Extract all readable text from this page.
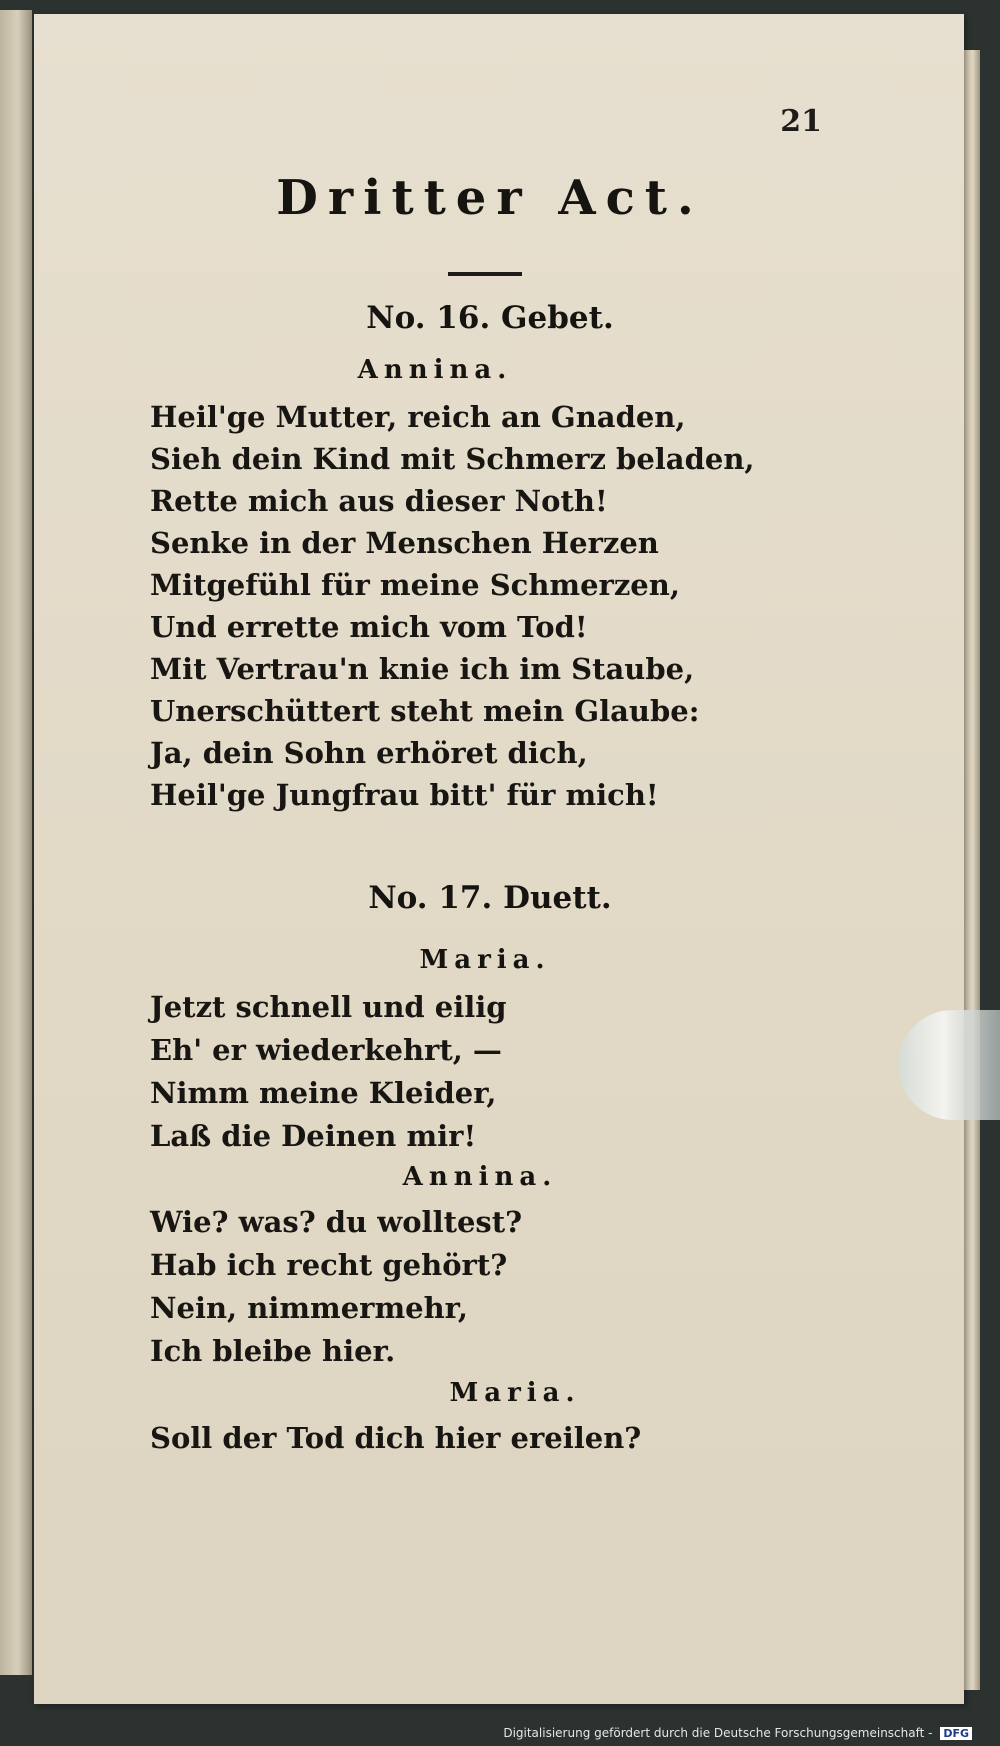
21
Dritter Act.
No. 16. Gebet.
Annina.
Heil'ge Mutter, reich an Gnaden,
Sieh dein Kind mit Schmerz beladen,
Rette mich aus dieser Noth!
Senke in der Menschen Herzen
Mitgefühl für meine Schmerzen,
Und errette mich vom Tod!
Mit Vertrau'n knie ich im Staube,
Unerschüttert steht mein Glaube:
Ja, dein Sohn erhöret dich,
Heil'ge Jungfrau bitt' für mich!
No. 17. Duett.
Maria.
Jetzt schnell und eilig
Eh' er wiederkehrt, —
Nimm meine Kleider,
Laß die Deinen mir!
Annina.
Wie? was? du wolltest?
Hab ich recht gehört?
Nein, nimmermehr,
Ich bleibe hier.
Maria.
Soll der Tod dich hier ereilen?
Digitalisierung gefördert durch die Deutsche Forschungsgemeinschaft - DFG
